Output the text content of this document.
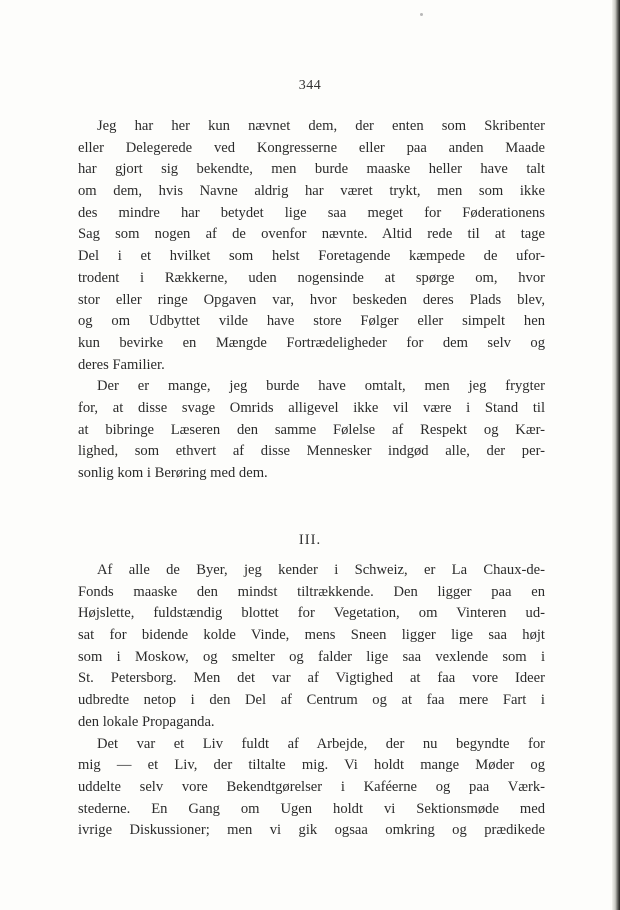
344
Jeg har her kun nævnet dem, der enten som Skribenter
eller Delegerede ved Kongresserne eller paa anden Maade
har gjort sig bekendte, men burde maaske heller have talt
om dem, hvis Navne aldrig har været trykt, men som ikke
des mindre har betydet lige saa meget for Føderationens
Sag som nogen af de ovenfor nævnte. Altid rede til at tage
Del i et hvilket som helst Foretagende kæmpede de ufor-
trodent i Rækkerne, uden nogensinde at spørge om, hvor
stor eller ringe Opgaven var, hvor beskeden deres Plads blev,
og om Udbyttet vilde have store Følger eller simpelt hen
kun bevirke en Mængde Fortrædeligheder for dem selv og
deres Familier.
Der er mange, jeg burde have omtalt, men jeg frygter
for, at disse svage Omrids alligevel ikke vil være i Stand til
at bibringe Læseren den samme Følelse af Respekt og Kær-
lighed, som ethvert af disse Mennesker indgød alle, der per-
sonlig kom i Berøring med dem.
III.
Af alle de Byer, jeg kender i Schweiz, er La Chaux-de-
Fonds maaske den mindst tiltrækkende. Den ligger paa en
Højslette, fuldstændig blottet for Vegetation, om Vinteren ud-
sat for bidende kolde Vinde, mens Sneen ligger lige saa højt
som i Moskow, og smelter og falder lige saa vexlende som i
St. Petersborg. Men det var af Vigtighed at faa vore Ideer
udbredte netop i den Del af Centrum og at faa mere Fart i
den lokale Propaganda.
Det var et Liv fuldt af Arbejde, der nu begyndte for
mig — et Liv, der tiltalte mig. Vi holdt mange Møder og
uddelte selv vore Bekendtgørelser i Kaféerne og paa Værk-
stederne. En Gang om Ugen holdt vi Sektionsmøde med
ivrige Diskussioner; men vi gik ogsaa omkring og prædikede
